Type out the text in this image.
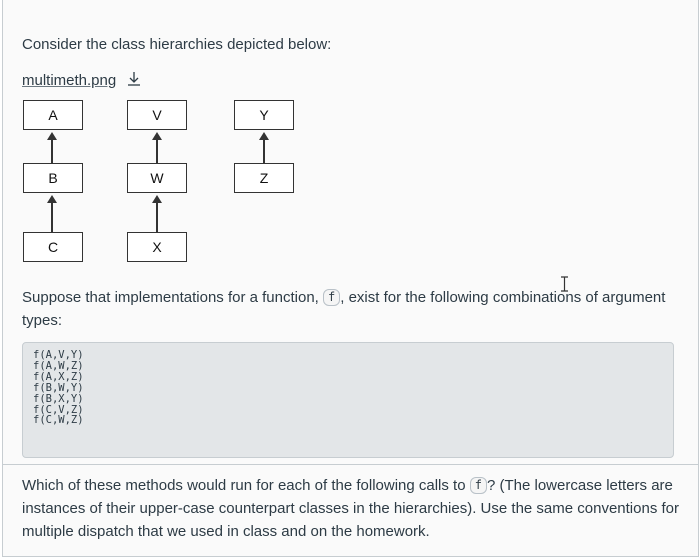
Consider the class hierarchies depicted below:
multimeth.png
A
B
C
V
W
X
Y
Z
Suppose that implementations for a function, f , exist for the following combinations of argument types:
f(A,V,Y)
f(A,W,Z)
f(A,X,Z)
f(B,W,Y)
f(B,X,Y)
f(C,V,Z)
f(C,W,Z)
Which of these methods would run for each of the following calls to f ? (The lowercase letters are instances of their upper-case counterpart classes in the hierarchies). Use the same conventions for multiple dispatch that we used in class and on the homework.
